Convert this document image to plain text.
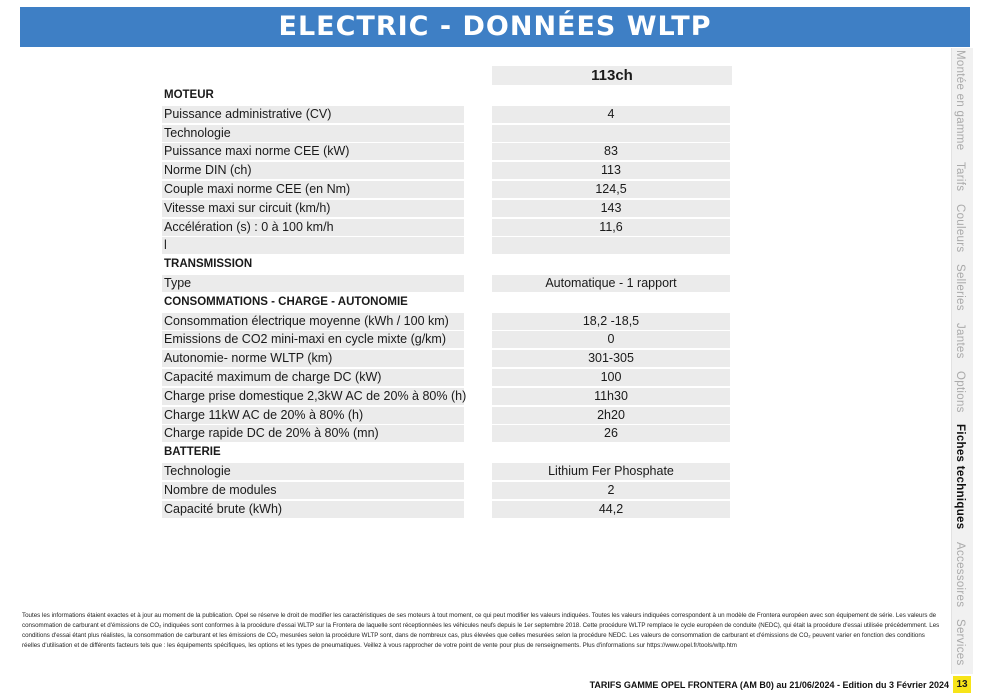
ELECTRIC - DONNÉES WLTP
113ch
MOTEUR
Puissance administrative (CV)	4
Technologie
Puissance maxi norme CEE (kW)	83
Norme DIN (ch)	113
Couple maxi norme CEE (en Nm)	124,5
Vitesse maxi sur circuit (km/h)	143
Accélération (s) : 0 à 100 km/h	11,6
l
TRANSMISSION
Type	Automatique - 1 rapport
CONSOMMATIONS - CHARGE - AUTONOMIE
Consommation électrique moyenne (kWh / 100 km)	18,2 -18,5
Emissions de CO2 mini-maxi en cycle mixte (g/km)	0
Autonomie- norme WLTP (km)	301-305
Capacité maximum de charge DC (kW)	100
Charge prise domestique 2,3kW AC de 20% à 80% (h)	11h30
Charge 11kW AC de 20% à 80% (h)	2h20
Charge rapide DC de 20% à 80% (mn)	26
BATTERIE
Technologie	Lithium Fer Phosphate
Nombre de modules	2
Capacité brute (kWh)	44,2
Montée en gammeTarifsCouleursSelleriesJantesOptionsFiches techniquesAccessoiresServices
Toutes les informations étaient exactes et à jour au moment de la publication. Opel se réserve le droit de modifier les caractéristiques de ses moteurs à tout moment, ce qui peut modifier les valeurs indiquées. Toutes les valeurs indiquées correspondent à un modèle de Frontera européen avec son équipement de série. Les valeurs de consommation de carburant et d'émissions de CO₂ indiquées sont conformes à la procédure d'essai WLTP sur la Frontera de laquelle sont réceptionnées les véhicules neufs depuis le 1er septembre 2018. Cette procédure WLTP remplace le cycle européen de conduite (NEDC), qui était la procédure d'essai utilisée précédemment. Les conditions d'essai étant plus réalistes, la consommation de carburant et les émissions de CO₂ mesurées selon la procédure WLTP sont, dans de nombreux cas, plus élevées que celles mesurées selon la procédure NEDC. Les valeurs de consommation de carburant et d'émissions de CO₂ peuvent varier en fonction des conditions réelles d'utilisation et de différents facteurs tels que : les équipements spécifiques, les options et les types de pneumatiques. Veillez à vous rapprocher de votre point de vente pour plus de renseignements. Plus d'informations sur https://www.opel.fr/tools/wltp.htm
TARIFS GAMME OPEL FRONTERA (AM B0) au 21/06/2024 - Edition du 3 Février 2024 13
